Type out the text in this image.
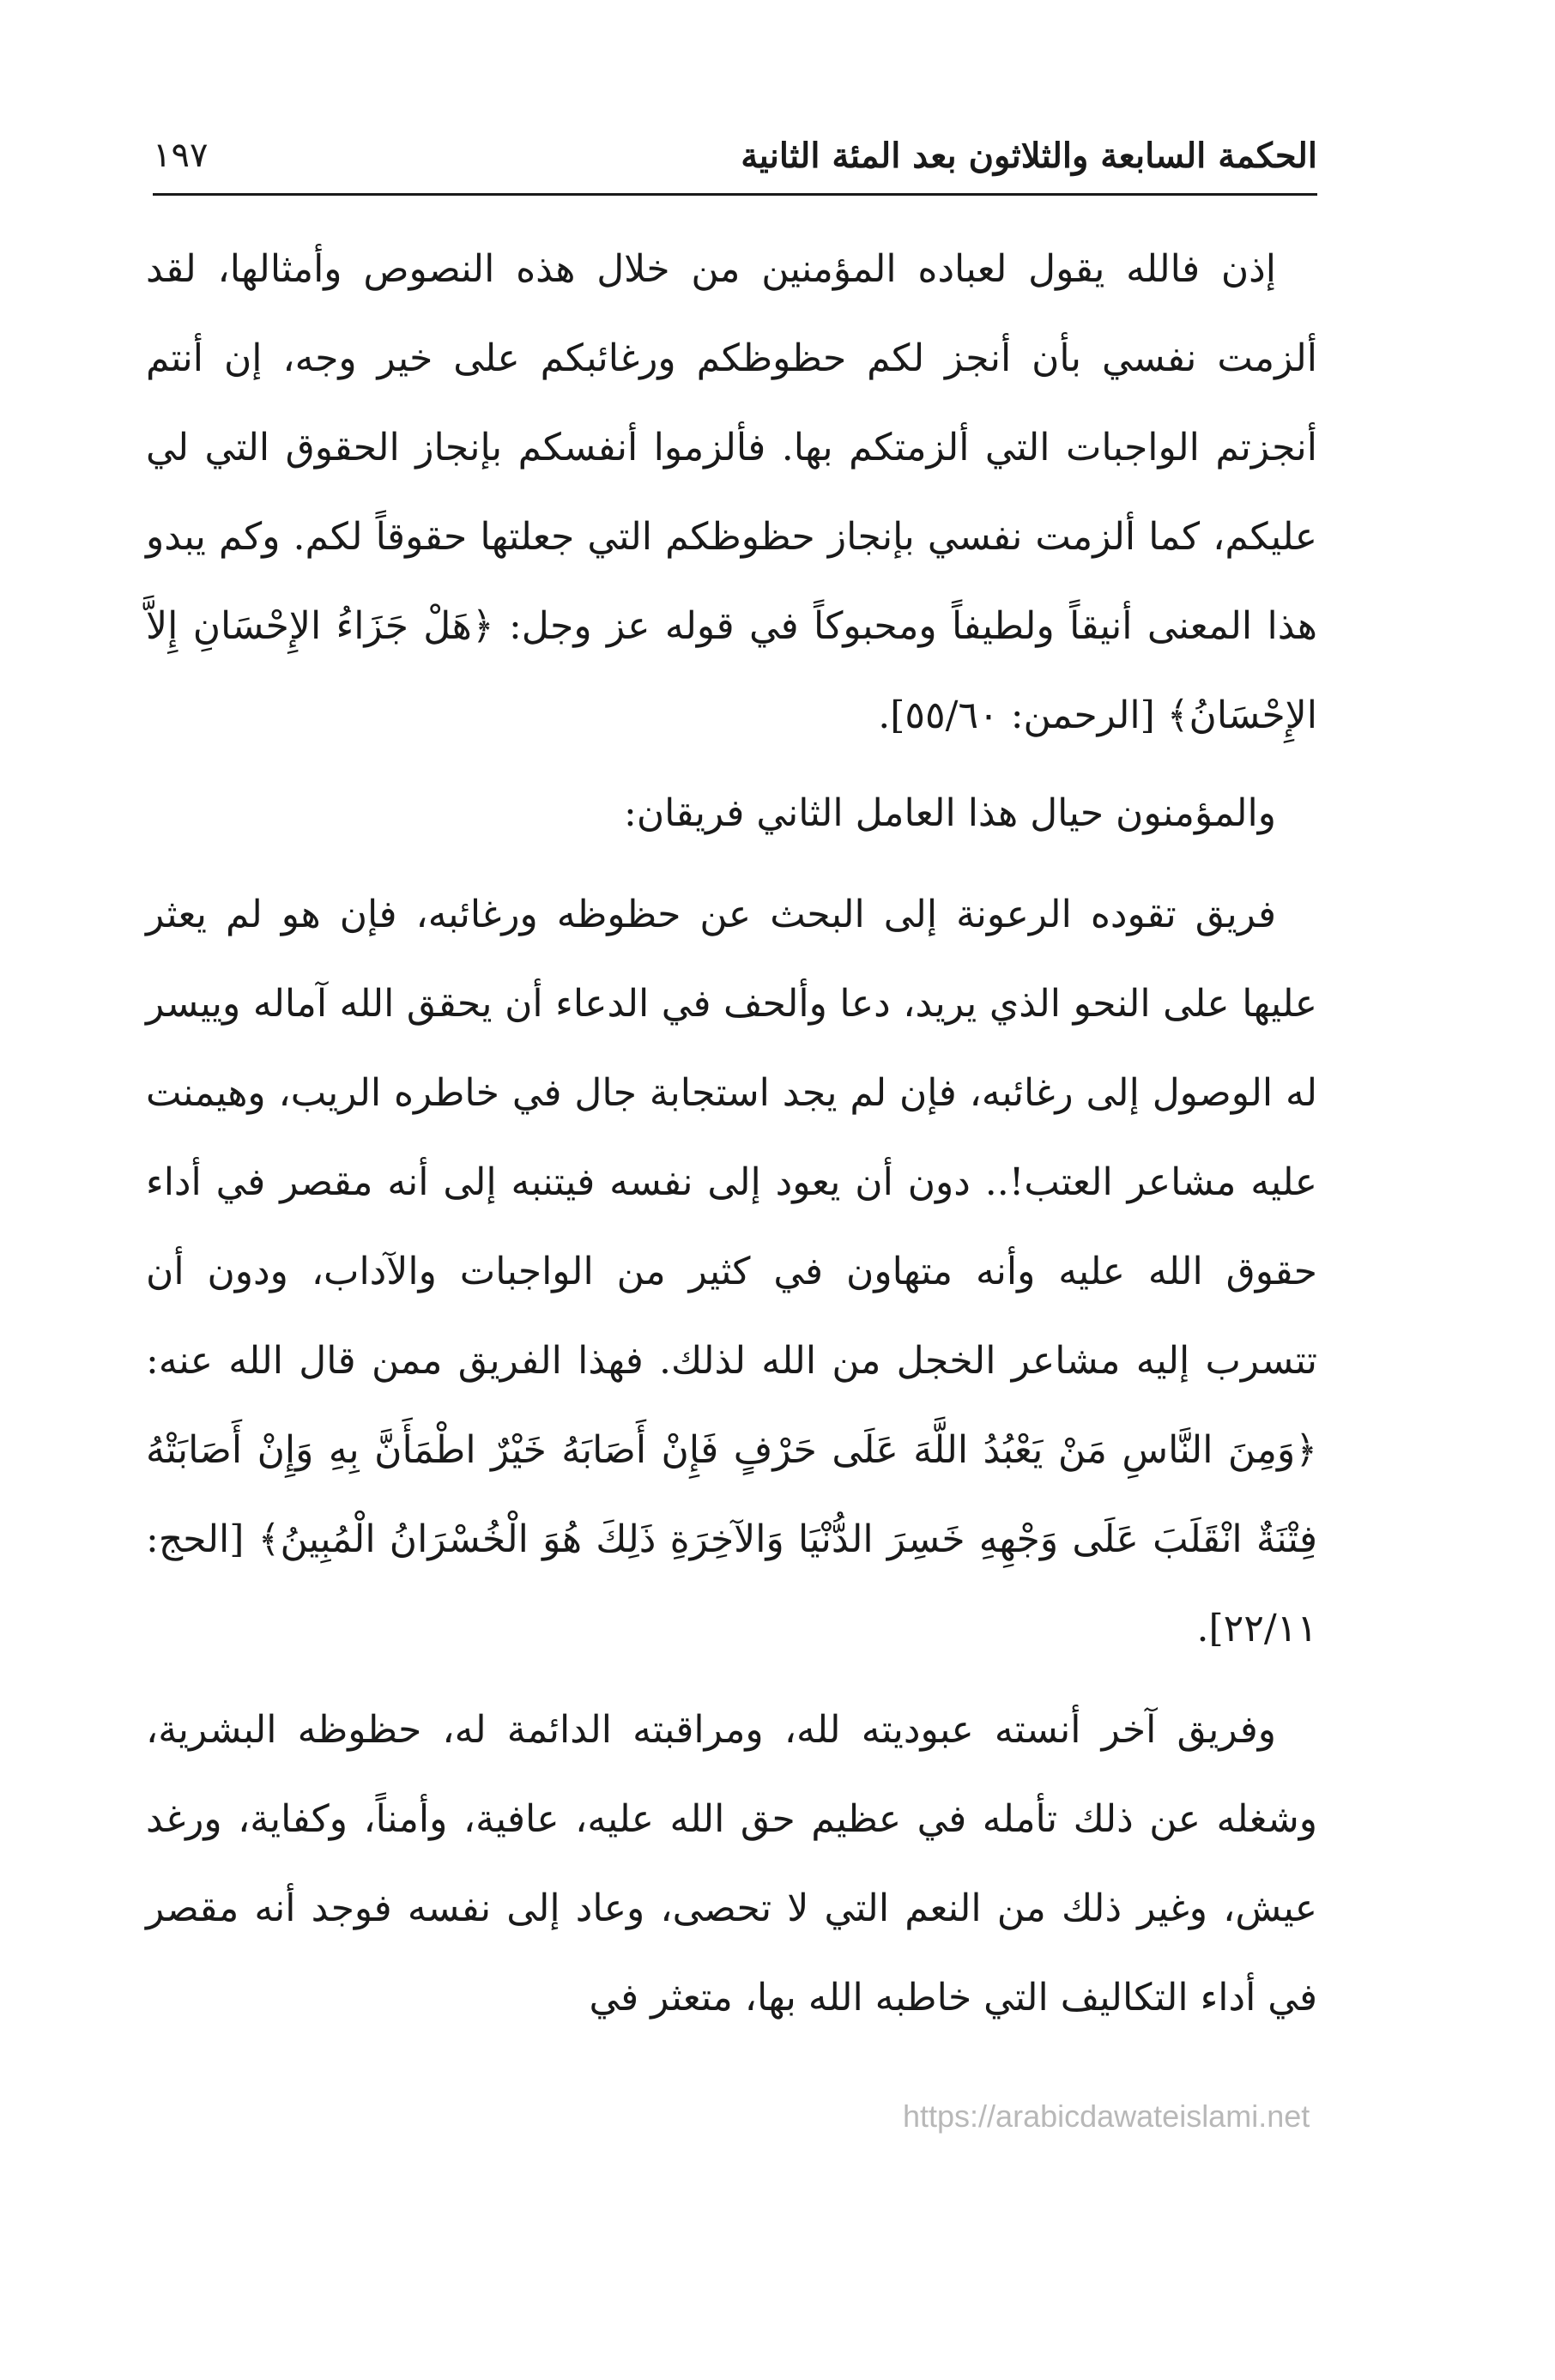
الحكمة السابعة والثلاثون بعد المئة الثانية
١٩٧

إذن فالله يقول لعباده المؤمنين من خلال هذه النصوص وأمثالها، لقد ألزمت نفسي بأن أنجز لكم حظوظكم ورغائبكم على خير وجه، إن أنتم أنجزتم الواجبات التي ألزمتكم بها. فألزموا أنفسكم بإنجاز الحقوق التي لي عليكم، كما ألزمت نفسي بإنجاز حظوظكم التي جعلتها حقوقاً لكم. وكم يبدو هذا المعنى أنيقاً ولطيفاً ومحبوكاً في قوله عز وجل: ﴿هَلْ جَزَاءُ الإِحْسَانِ إِلاَّ الإِحْسَانُ﴾ [الرحمن: ٥٥/٦٠].

والمؤمنون حيال هذا العامل الثاني فريقان:

فريق تقوده الرعونة إلى البحث عن حظوظه ورغائبه، فإن هو لم يعثر عليها على النحو الذي يريد، دعا وألحف في الدعاء أن يحقق الله آماله وييسر له الوصول إلى رغائبه، فإن لم يجد استجابة جال في خاطره الريب، وهيمنت عليه مشاعر العتب!.. دون أن يعود إلى نفسه فيتنبه إلى أنه مقصر في أداء حقوق الله عليه وأنه متهاون في كثير من الواجبات والآداب، ودون أن تتسرب إليه مشاعر الخجل من الله لذلك. فهذا الفريق ممن قال الله عنه: ﴿وَمِنَ النَّاسِ مَنْ يَعْبُدُ اللَّهَ عَلَى حَرْفٍ فَإِنْ أَصَابَهُ خَيْرٌ اطْمَأَنَّ بِهِ وَإِنْ أَصَابَتْهُ فِتْنَةٌ انْقَلَبَ عَلَى وَجْهِهِ خَسِرَ الدُّنْيَا وَالآخِرَةِ ذَلِكَ هُوَ الْخُسْرَانُ الْمُبِينُ﴾ [الحج: ٢٢/١١].

وفريق آخر أنسته عبوديته لله، ومراقبته الدائمة له، حظوظه البشرية، وشغله عن ذلك تأمله في عظيم حق الله عليه، عافية، وأمناً، وكفاية، ورغد عيش، وغير ذلك من النعم التي لا تحصى، وعاد إلى نفسه فوجد أنه مقصر في أداء التكاليف التي خاطبه الله بها، متعثر في

https://arabicdawateislami.net
